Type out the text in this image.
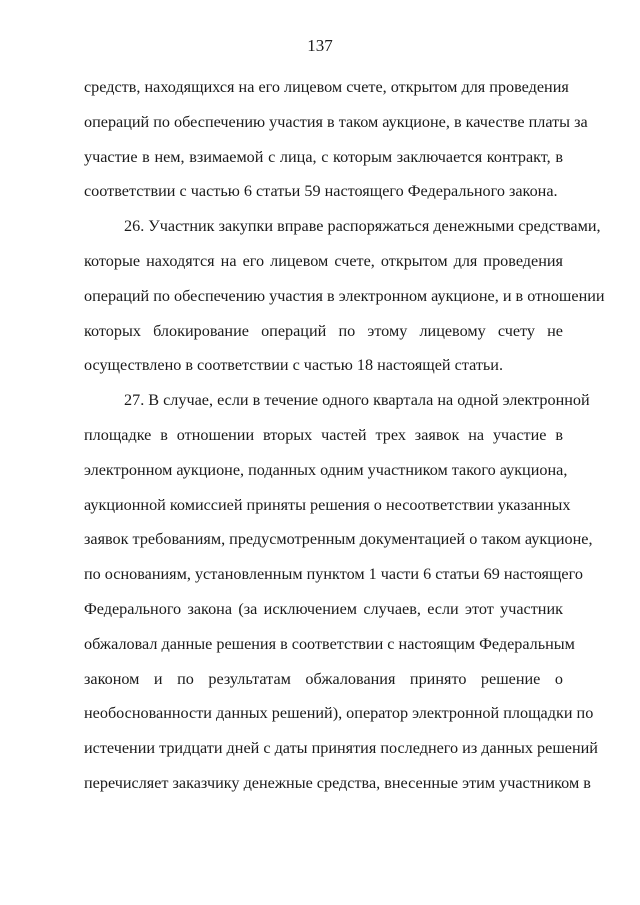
137
средств, находящихся на его лицевом счете, открытом для проведения
операций по обеспечению участия в таком аукционе, в качестве платы за
участие в нем, взимаемой с лица, с которым заключается контракт, в
соответствии с частью 6 статьи 59 настоящего Федерального закона.
26. Участник закупки вправе распоряжаться денежными средствами,
которые находятся на его лицевом счете, открытом для проведения
операций по обеспечению участия в электронном аукционе, и в отношении
которых блокирование операций по этому лицевому счету не
осуществлено в соответствии с частью 18 настоящей статьи.
27. В случае, если в течение одного квартала на одной электронной
площадке в отношении вторых частей трех заявок на участие в
электронном аукционе, поданных одним участником такого аукциона,
аукционной комиссией приняты решения о несоответствии указанных
заявок требованиям, предусмотренным документацией о таком аукционе,
по основаниям, установленным пунктом 1 части 6 статьи 69 настоящего
Федерального закона (за исключением случаев, если этот участник
обжаловал данные решения в соответствии с настоящим Федеральным
законом и по результатам обжалования принято решение о
необоснованности данных решений), оператор электронной площадки по
истечении тридцати дней с даты принятия последнего из данных решений
перечисляет заказчику денежные средства, внесенные этим участником в
